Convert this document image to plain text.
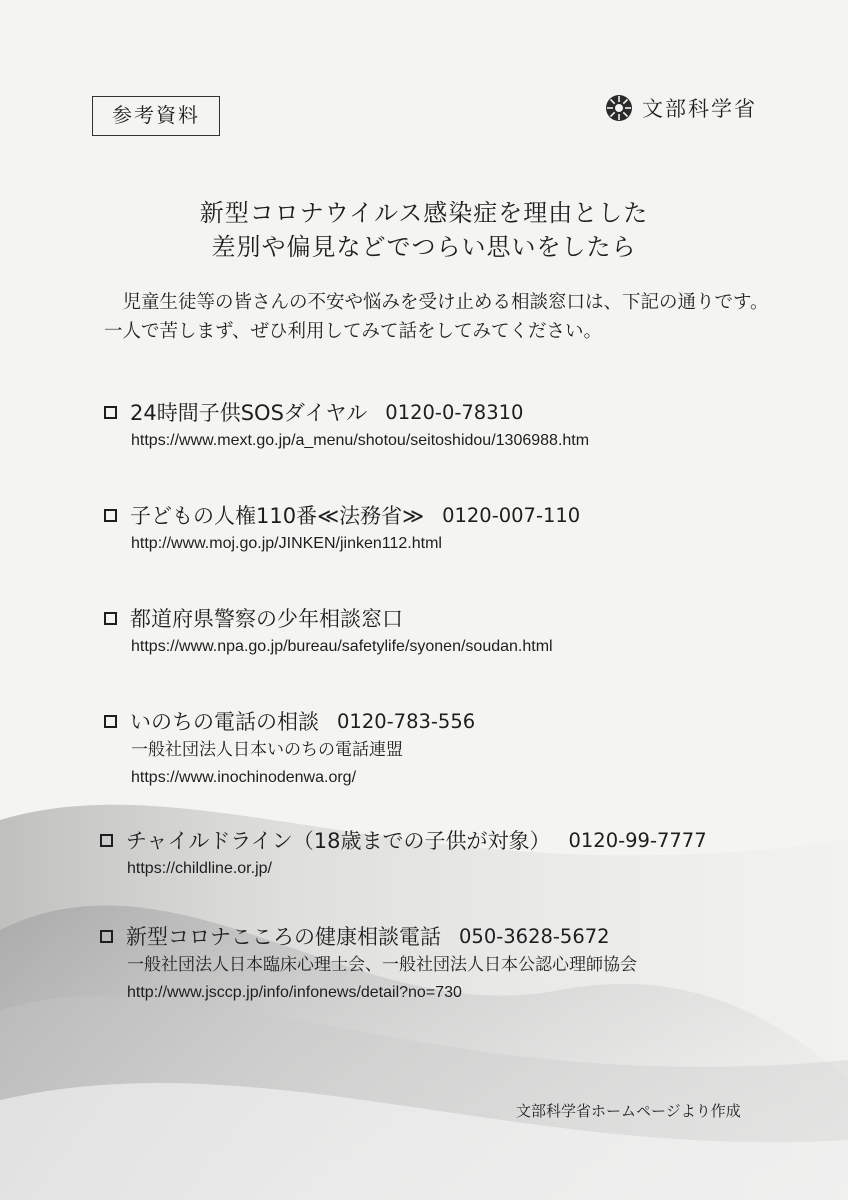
参考資料	文部科学省
新型コロナウイルス感染症を理由とした
差別や偏見などでつらい思いをしたら
児童生徒等の皆さんの不安や悩みを受け止める相談窓口は、下記の通りです。一人で苦しまず、ぜひ利用してみて話をしてみてください。
24時間子供SOSダイヤル 0120-0-78310
https://www.mext.go.jp/a_menu/shotou/seitoshidou/1306988.htm
子どもの人権110番≪法務省≫ 0120-007-110
http://www.moj.go.jp/JINKEN/jinken112.html
都道府県警察の少年相談窓口
https://www.npa.go.jp/bureau/safetylife/syonen/soudan.html
いのちの電話の相談 0120-783-556
一般社団法人日本いのちの電話連盟
https://www.inochinodenwa.org/
チャイルドライン（18歳までの子供が対象） 0120-99-7777
https://childline.or.jp/
新型コロナこころの健康相談電話 050-3628-5672
一般社団法人日本臨床心理士会、一般社団法人日本公認心理師協会
http://www.jsccp.jp/info/infonews/detail?no=730
文部科学省ホームページより作成
